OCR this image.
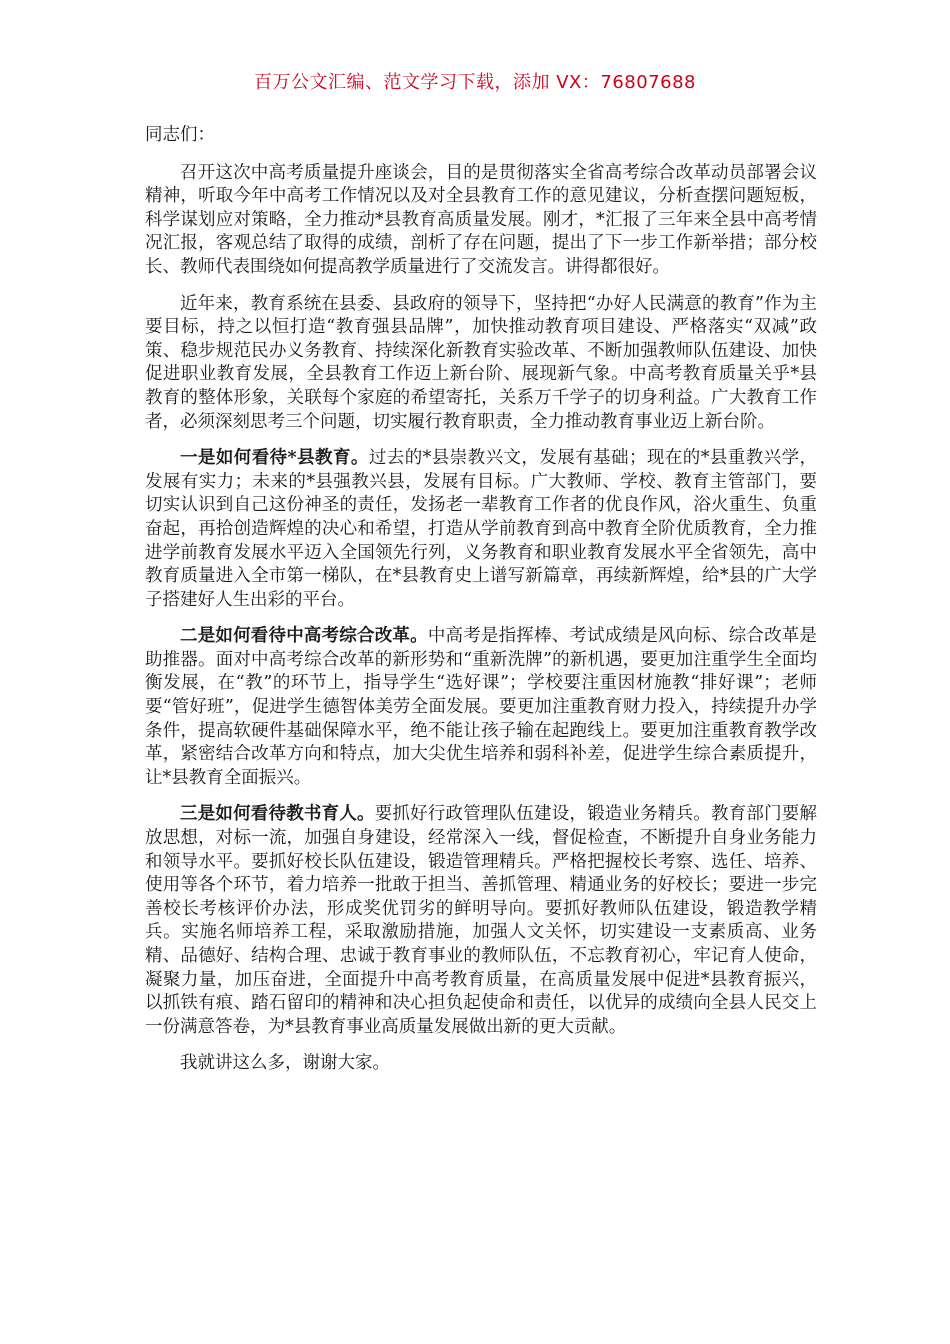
百万公文汇编、范文学习下载，添加 VX：76807688

同志们：

召开这次中高考质量提升座谈会，目的是贯彻落实全省高考综合改革动员部署会议精神，听取今年中高考工作情况以及对全县教育工作的意见建议，分析查摆问题短板，科学谋划应对策略，全力推动*县教育高质量发展。刚才，*汇报了三年来全县中高考情况汇报，客观总结了取得的成绩，剖析了存在问题，提出了下一步工作新举措；部分校长、教师代表围绕如何提高教学质量进行了交流发言。讲得都很好。

近年来，教育系统在县委、县政府的领导下，坚持把“办好人民满意的教育”作为主要目标，持之以恒打造“教育强县品牌”，加快推动教育项目建设、严格落实“双减”政策、稳步规范民办义务教育、持续深化新教育实验改革、不断加强教师队伍建设、加快促进职业教育发展，全县教育工作迈上新台阶、展现新气象。中高考教育质量关乎*县教育的整体形象，关联每个家庭的希望寄托，关系万千学子的切身利益。广大教育工作者，必须深刻思考三个问题，切实履行教育职责，全力推动教育事业迈上新台阶。

一是如何看待*县教育。过去的*县崇教兴文，发展有基础；现在的*县重教兴学，发展有实力；未来的*县强教兴县，发展有目标。广大教师、学校、教育主管部门，要切实认识到自己这份神圣的责任，发扬老一辈教育工作者的优良作风，浴火重生、负重奋起，再拾创造辉煌的决心和希望，打造从学前教育到高中教育全阶优质教育，全力推进学前教育发展水平迈入全国领先行列，义务教育和职业教育发展水平全省领先，高中教育质量进入全市第一梯队，在*县教育史上谱写新篇章，再续新辉煌，给*县的广大学子搭建好人生出彩的平台。

二是如何看待中高考综合改革。中高考是指挥棒、考试成绩是风向标、综合改革是助推器。面对中高考综合改革的新形势和“重新洗牌”的新机遇，要更加注重学生全面均衡发展，在“教”的环节上，指导学生“选好课”；学校要注重因材施教“排好课”；老师要“管好班”，促进学生德智体美劳全面发展。要更加注重教育财力投入，持续提升办学条件，提高软硬件基础保障水平，绝不能让孩子输在起跑线上。要更加注重教育教学改革，紧密结合改革方向和特点，加大尖优生培养和弱科补差，促进学生综合素质提升，让*县教育全面振兴。

三是如何看待教书育人。要抓好行政管理队伍建设，锻造业务精兵。教育部门要解放思想，对标一流，加强自身建设，经常深入一线，督促检查，不断提升自身业务能力和领导水平。要抓好校长队伍建设，锻造管理精兵。严格把握校长考察、选任、培养、使用等各个环节，着力培养一批敢于担当、善抓管理、精通业务的好校长；要进一步完善校长考核评价办法，形成奖优罚劣的鲜明导向。要抓好教师队伍建设，锻造教学精兵。实施名师培养工程，采取激励措施，加强人文关怀，切实建设一支素质高、业务精、品德好、结构合理、忠诚于教育事业的教师队伍，不忘教育初心，牢记育人使命，凝聚力量，加压奋进，全面提升中高考教育质量，在高质量发展中促进*县教育振兴，以抓铁有痕、踏石留印的精神和决心担负起使命和责任，以优异的成绩向全县人民交上一份满意答卷，为*县教育事业高质量发展做出新的更大贡献。

我就讲这么多，谢谢大家。
